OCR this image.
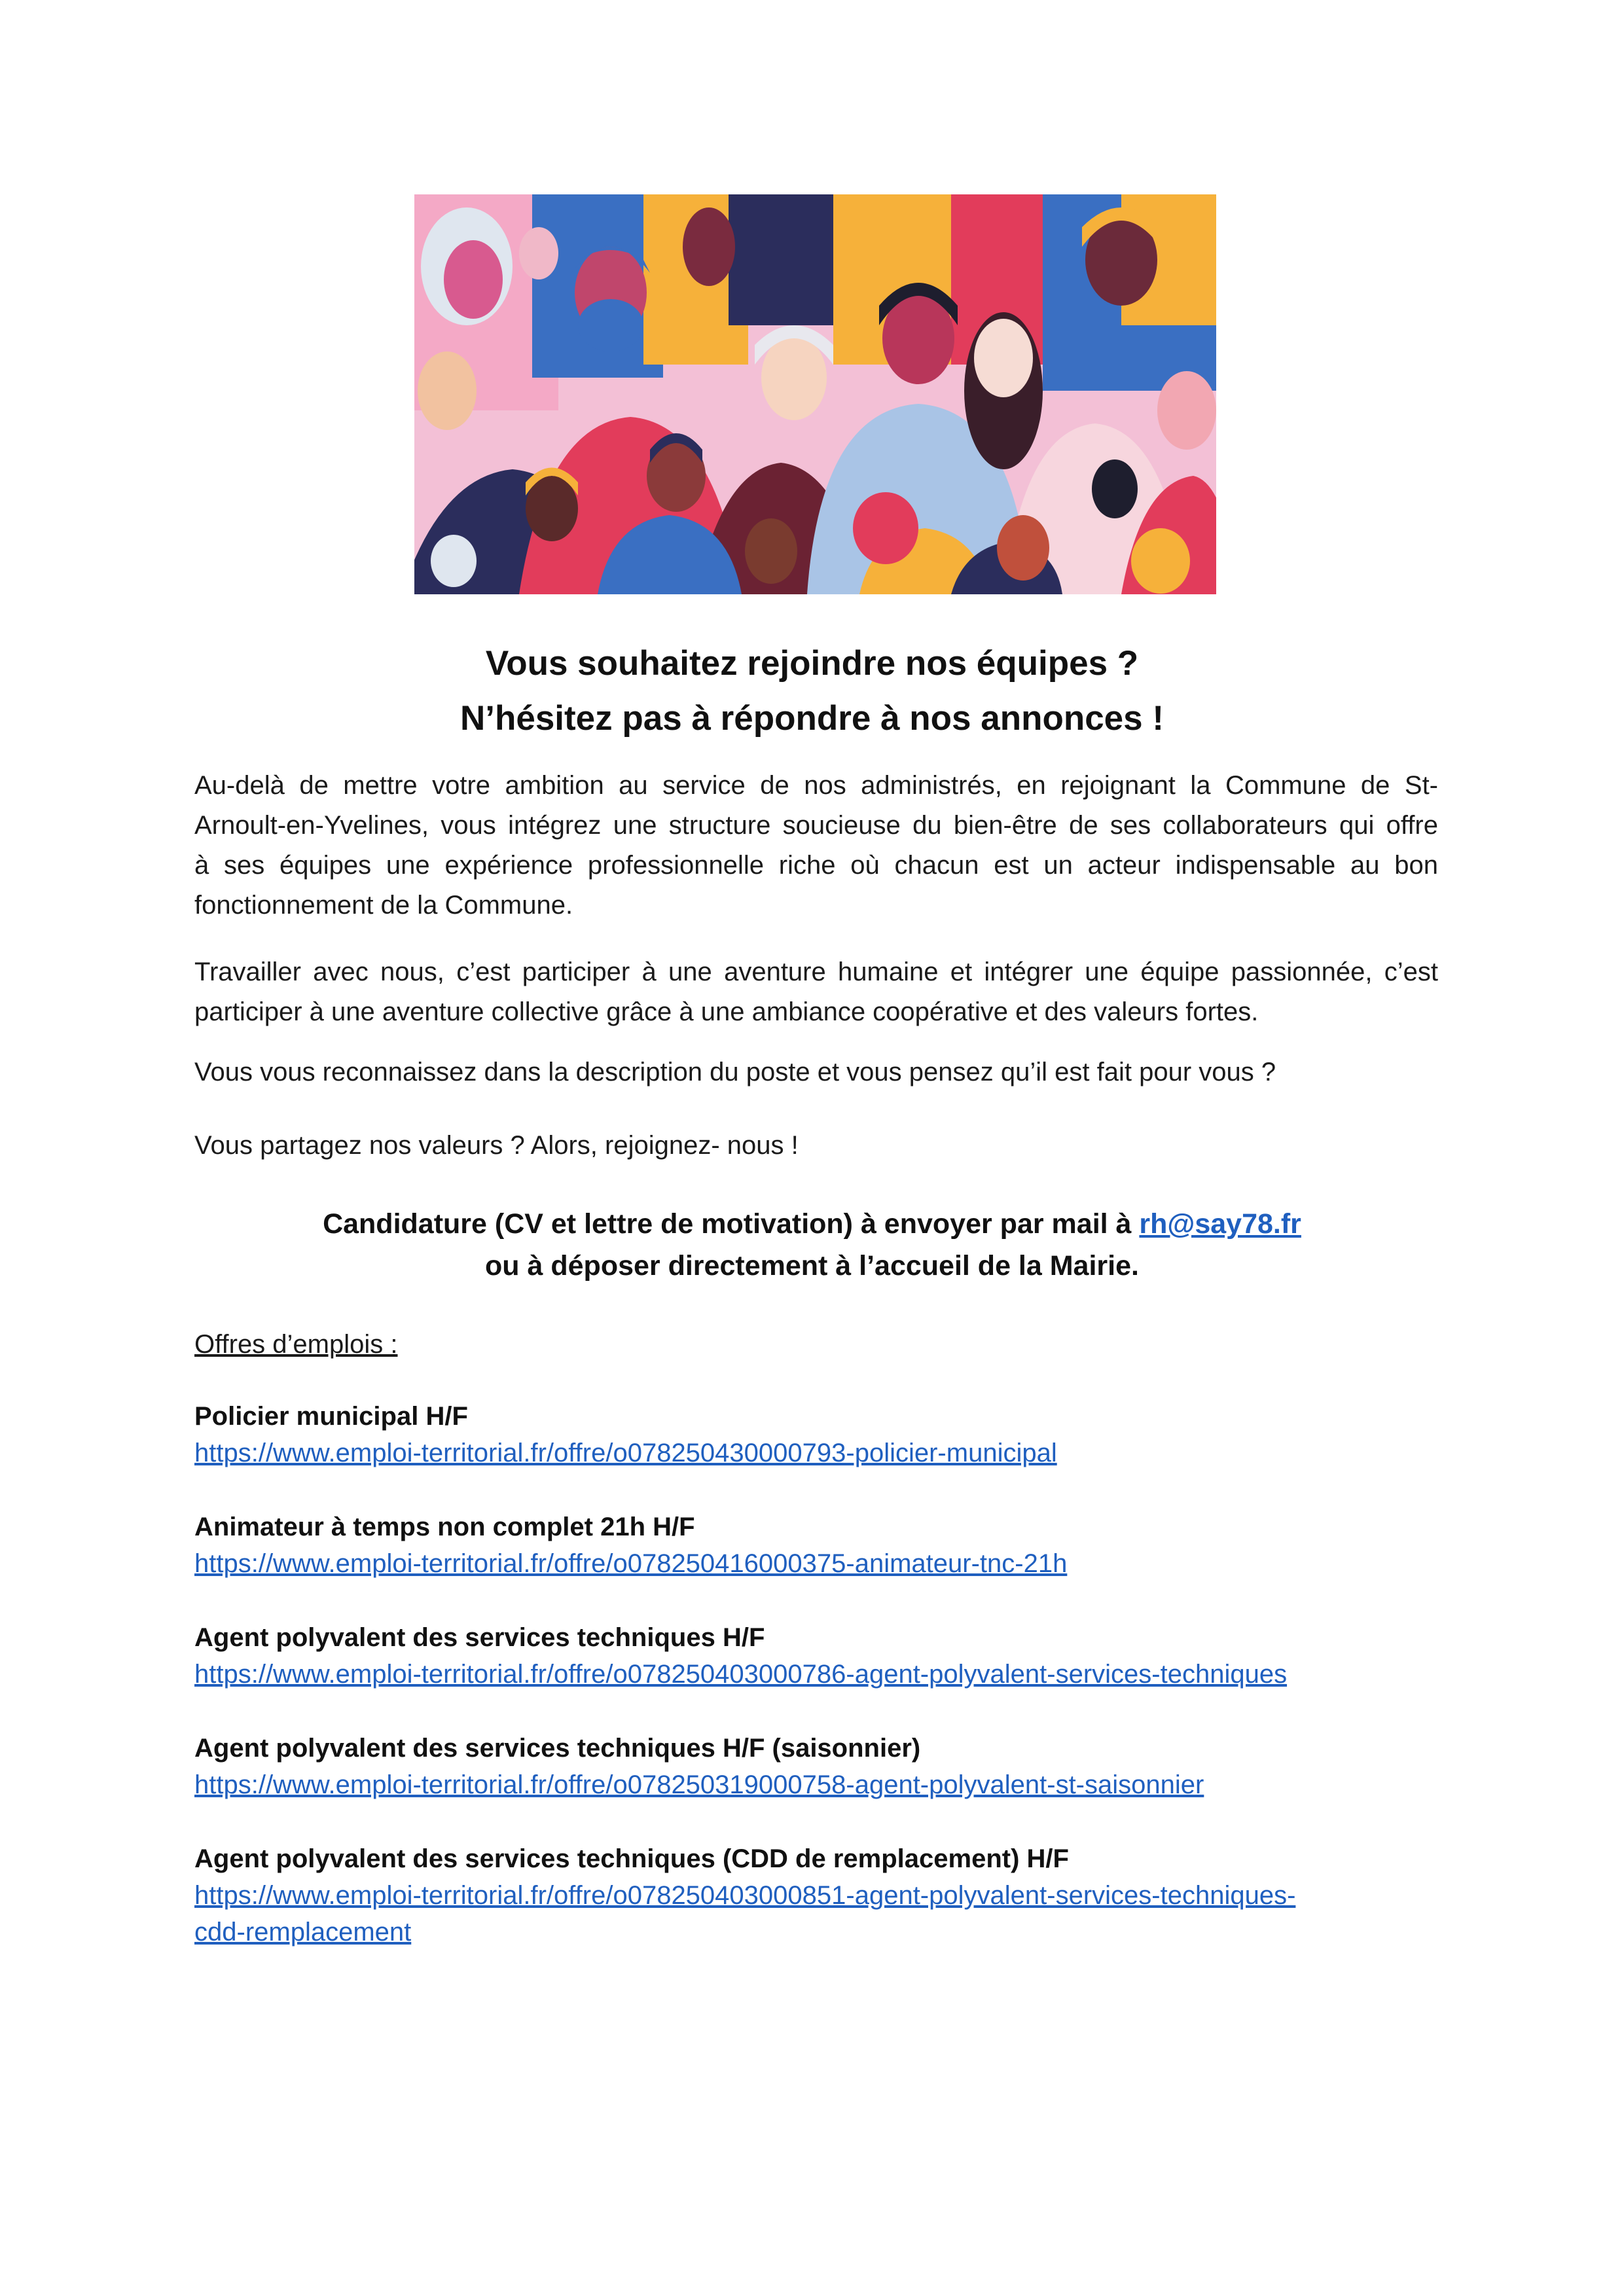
Vous souhaitez rejoindre nos équipes ?
N’hésitez pas à répondre à nos annonces !
Au-delà de mettre votre ambition au service de nos administrés, en rejoignant la Commune de St-
Arnoult-en-Yvelines, vous intégrez une structure soucieuse du bien-être de ses collaborateurs qui offre
à ses équipes une expérience professionnelle riche où chacun est un acteur indispensable au bon
fonctionnement de la Commune.
Travailler avec nous, c’est participer à une aventure humaine et intégrer une équipe passionnée, c’est participer à une aventure collective grâce à une ambiance coopérative et des valeurs fortes.
Vous vous reconnaissez dans la description du poste et vous pensez qu’il est fait pour vous ?
Vous partagez nos valeurs ? Alors, rejoignez- nous !
Candidature (CV et lettre de motivation) à envoyer par mail à rh@say78.fr
ou à déposer directement à l’accueil de la Mairie.
Offres d’emplois :
Policier municipal H/F
https://www.emploi-territorial.fr/offre/o078250430000793-policier-municipal
Animateur à temps non complet 21h H/F
https://www.emploi-territorial.fr/offre/o078250416000375-animateur-tnc-21h
Agent polyvalent des services techniques H/F
https://www.emploi-territorial.fr/offre/o078250403000786-agent-polyvalent-services-techniques
Agent polyvalent des services techniques H/F (saisonnier)
https://www.emploi-territorial.fr/offre/o078250319000758-agent-polyvalent-st-saisonnier
Agent polyvalent des services techniques (CDD de remplacement) H/F
https://www.emploi-territorial.fr/offre/o078250403000851-agent-polyvalent-services-techniques-
cdd-remplacement
